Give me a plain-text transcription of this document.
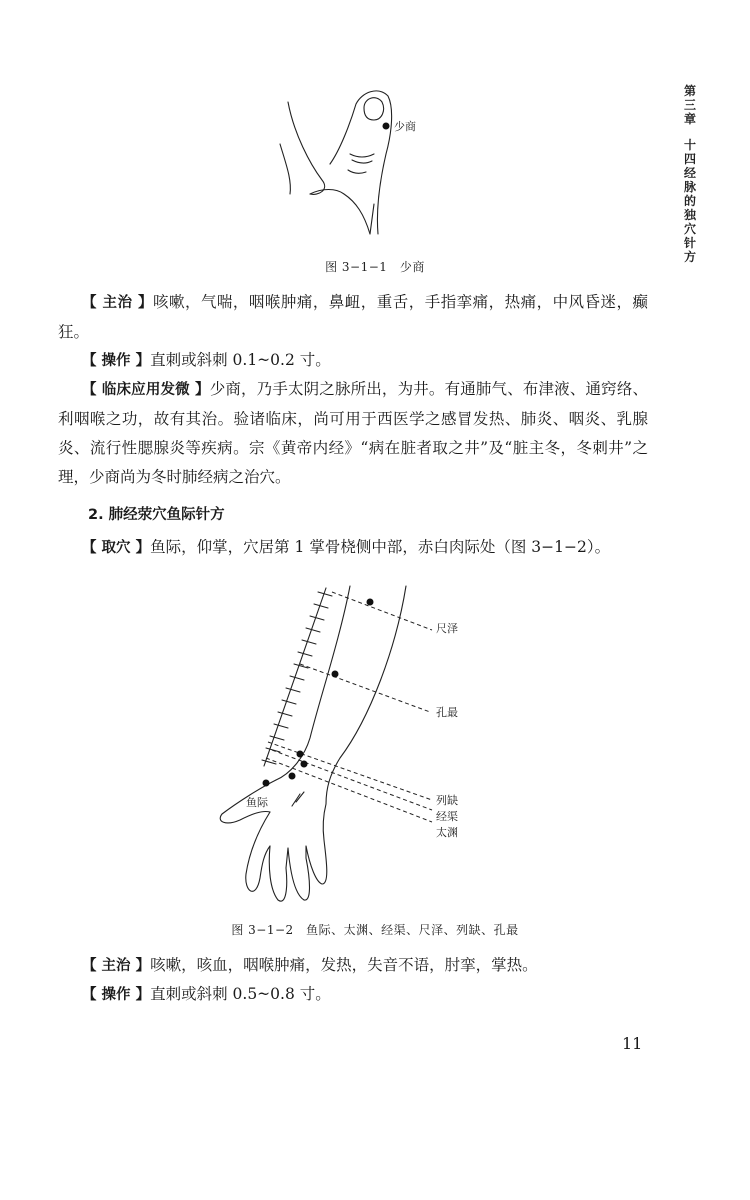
第
三
章
十
四
经
脉
的
独
穴
针
方
少商
图 3−1−1　少商

【 主治 】咳嗽，气喘，咽喉肿痛，鼻衄，重舌，手指挛痛，热痛，中风昏迷，癫狂。

【 操作 】直刺或斜刺 0.1~0.2 寸。

【 临床应用发微 】少商，乃手太阴之脉所出，为井。有通肺气、布津液、通窍络、利咽喉之功，故有其治。验诸临床，尚可用于西医学之感冒发热、肺炎、咽炎、乳腺炎、流行性腮腺炎等疾病。宗《黄帝内经》“病在脏者取之井”及“脏主冬，冬刺井”之理，少商尚为冬时肺经病之治穴。

2. 肺经荥穴鱼际针方

【 取穴 】鱼际，仰掌，穴居第 1 掌骨桡侧中部，赤白肉际处（图 3−1−2）。

尺泽
孔最
列缺
经渠
太渊
鱼际
图 3−1−2　鱼际、太渊、经渠、尺泽、列缺、孔最

【 主治 】咳嗽，咳血，咽喉肿痛，发热，失音不语，肘挛，掌热。

【 操作 】直刺或斜刺 0.5~0.8 寸。

11
